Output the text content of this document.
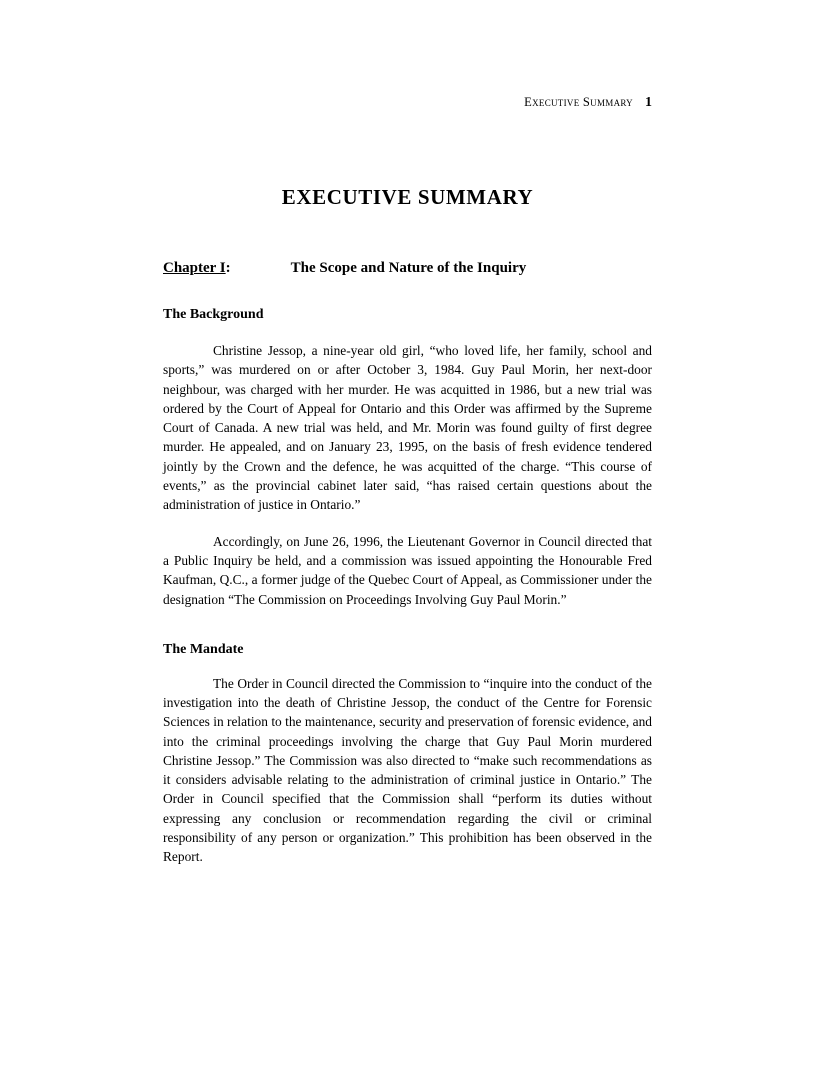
Executive Summary 1
EXECUTIVE SUMMARY
Chapter I:	The Scope and Nature of the Inquiry
The Background

Christine Jessop, a nine-year old girl, “who loved life, her family, school and sports,” was murdered on or after October 3, 1984. Guy Paul Morin, her next-door neighbour, was charged with her murder. He was acquitted in 1986, but a new trial was ordered by the Court of Appeal for Ontario and this Order was affirmed by the Supreme Court of Canada. A new trial was held, and Mr. Morin was found guilty of first degree murder. He appealed, and on January 23, 1995, on the basis of fresh evidence tendered jointly by the Crown and the defence, he was acquitted of the charge. “This course of events,” as the provincial cabinet later said, “has raised certain questions about the administration of justice in Ontario.”

Accordingly, on June 26, 1996, the Lieutenant Governor in Council directed that a Public Inquiry be held, and a commission was issued appointing the Honourable Fred Kaufman, Q.C., a former judge of the Quebec Court of Appeal, as Commissioner under the designation “The Commission on Proceedings Involving Guy Paul Morin.”

The Mandate

The Order in Council directed the Commission to “inquire into the conduct of the investigation into the death of Christine Jessop, the conduct of the Centre for Forensic Sciences in relation to the maintenance, security and preservation of forensic evidence, and into the criminal proceedings involving the charge that Guy Paul Morin murdered Christine Jessop.” The Commission was also directed to “make such recommendations as it considers advisable relating to the administration of criminal justice in Ontario.” The Order in Council specified that the Commission shall “perform its duties without expressing any conclusion or recommendation regarding the civil or criminal responsibility of any person or organization.” This prohibition has been observed in the Report.
